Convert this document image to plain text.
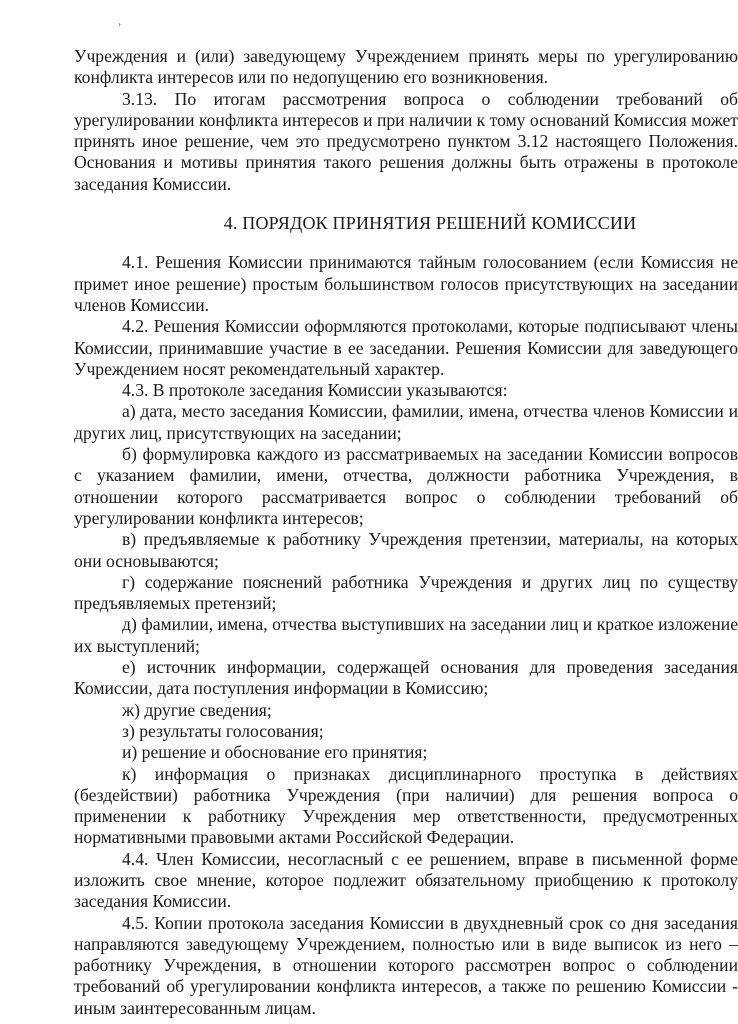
›

Учреждения и (или) заведующему Учреждением принять меры по урегулированию конфликта интересов или по недопущению его возникновения.

3.13. По итогам рассмотрения вопроса о соблюдении требований об урегулировании конфликта интересов и при наличии к тому оснований Комиссия может принять иное решение, чем это предусмотрено пунктом 3.12 настоящего Положения. Основания и мотивы принятия такого решения должны быть отражены в протоколе заседания Комиссии.

4. ПОРЯДОК ПРИНЯТИЯ РЕШЕНИЙ КОМИССИИ

4.1. Решения Комиссии принимаются тайным голосованием (если Комиссия не примет иное решение) простым большинством голосов присутствующих на заседании членов Комиссии.

4.2. Решения Комиссии оформляются протоколами, которые подписывают члены Комиссии, принимавшие участие в ее заседании. Решения Комиссии для заведующего Учреждением носят рекомендательный характер.

4.3. В протоколе заседания Комиссии указываются:

а) дата, место заседания Комиссии, фамилии, имена, отчества членов Комиссии и других лиц, присутствующих на заседании;

б) формулировка каждого из рассматриваемых на заседании Комиссии вопросов с указанием фамилии, имени, отчества, должности работника Учреждения, в отношении которого рассматривается вопрос о соблюдении требований об урегулировании конфликта интересов;

в) предъявляемые к работнику Учреждения претензии, материалы, на которых они основываются;

г) содержание пояснений работника Учреждения и других лиц по существу предъявляемых претензий;

д) фамилии, имена, отчества выступивших на заседании лиц и краткое изложение их выступлений;

е) источник информации, содержащей основания для проведения заседания Комиссии, дата поступления информации в Комиссию;

ж) другие сведения;

з) результаты голосования;

и) решение и обоснование его принятия;

к) информация о признаках дисциплинарного проступка в действиях (бездействии) работника Учреждения (при наличии) для решения вопроса о применении к работнику Учреждения мер ответственности, предусмотренных нормативными правовыми актами Российской Федерации.

4.4. Член Комиссии, несогласный с ее решением, вправе в письменной форме изложить свое мнение, которое подлежит обязательному приобщению к протоколу заседания Комиссии.

4.5. Копии протокола заседания Комиссии в двухдневный срок со дня заседания направляются заведующему Учреждением, полностью или в виде выписок из него – работнику Учреждения, в отношении которого рассмотрен вопрос о соблюдении требований об урегулировании конфликта интересов, а также по решению Комиссии - иным заинтересованным лицам.
